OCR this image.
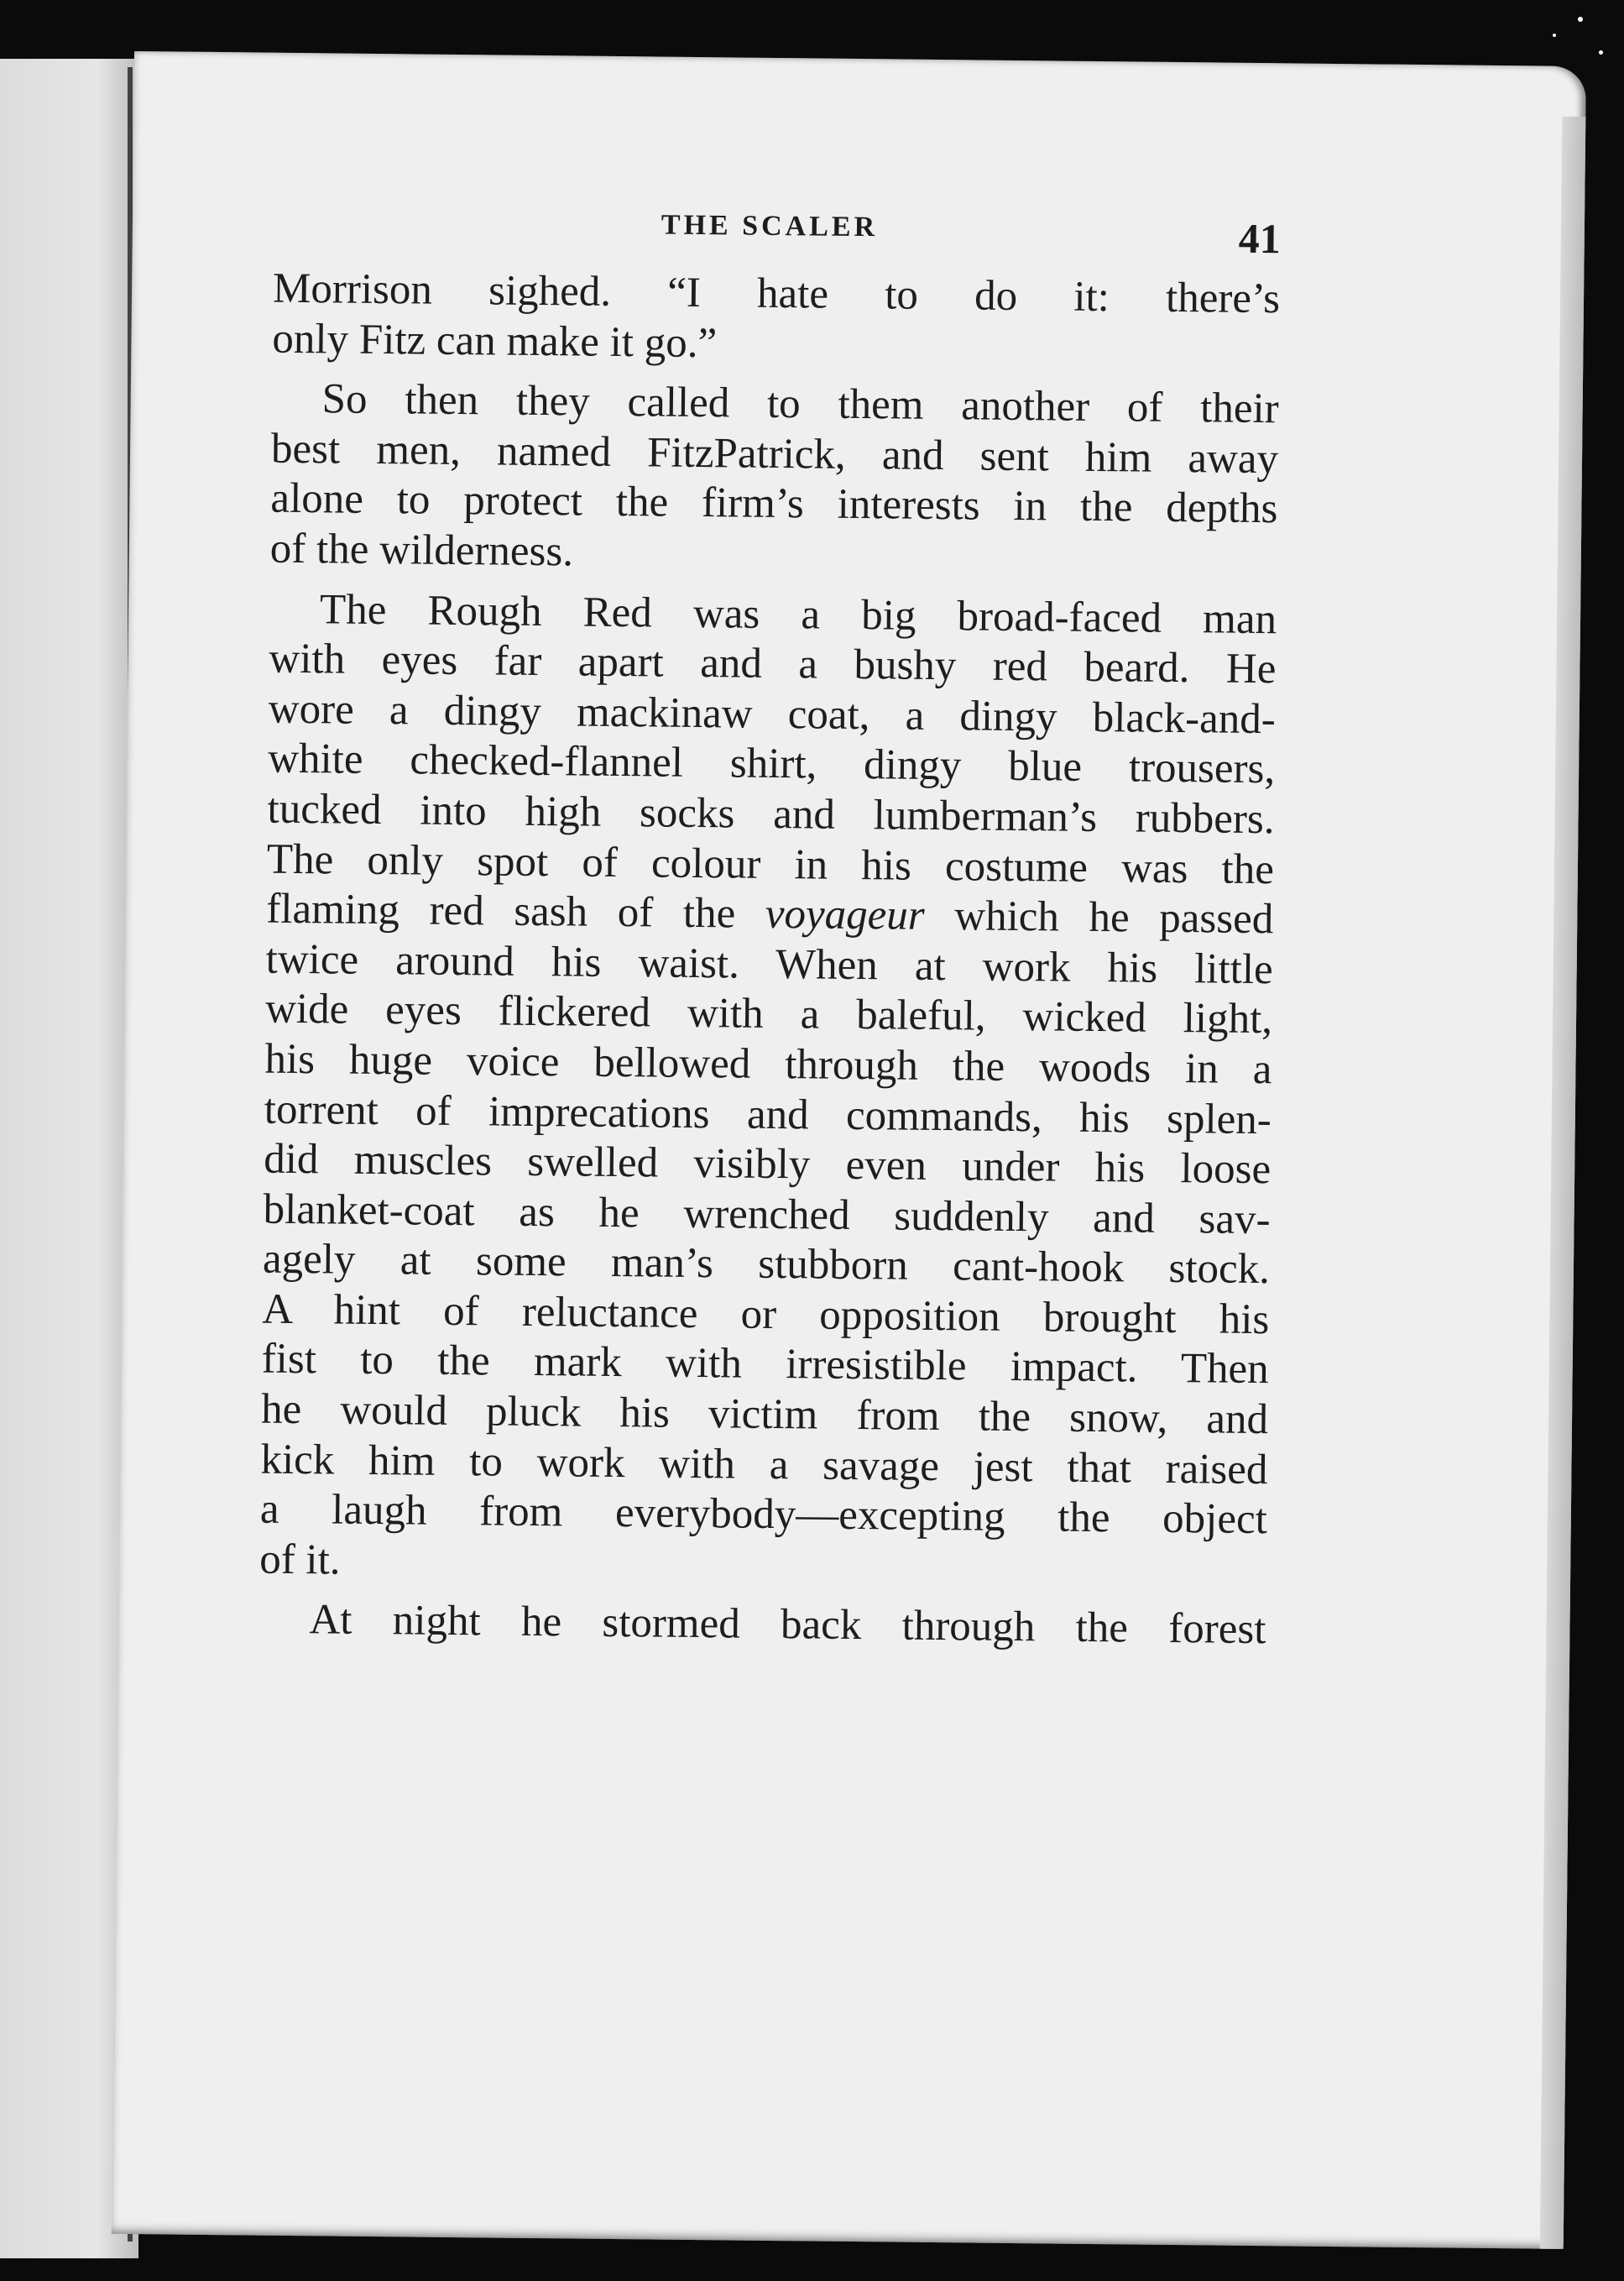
THE SCALER	41
Morrison sighed. “I hate to do it: there’s
only Fitz can make it go.”
So then they called to them another of their
best men, named FitzPatrick, and sent him away
alone to protect the firm’s interests in the depths
of the wilderness.
The Rough Red was a big broad-faced man
with eyes far apart and a bushy red beard. He
wore a dingy mackinaw coat, a dingy black-and-
white checked-flannel shirt, dingy blue trousers,
tucked into high socks and lumberman’s rubbers.
The only spot of colour in his costume was the
flaming red sash of the voyageur which he passed
twice around his waist. When at work his little
wide eyes flickered with a baleful, wicked light,
his huge voice bellowed through the woods in a
torrent of imprecations and commands, his splen-
did muscles swelled visibly even under his loose
blanket-coat as he wrenched suddenly and sav-
agely at some man’s stubborn cant-hook stock.
A hint of reluctance or opposition brought his
fist to the mark with irresistible impact. Then
he would pluck his victim from the snow, and
kick him to work with a savage jest that raised
a laugh from everybody—excepting the object
of it.
At night he stormed back through the forest
